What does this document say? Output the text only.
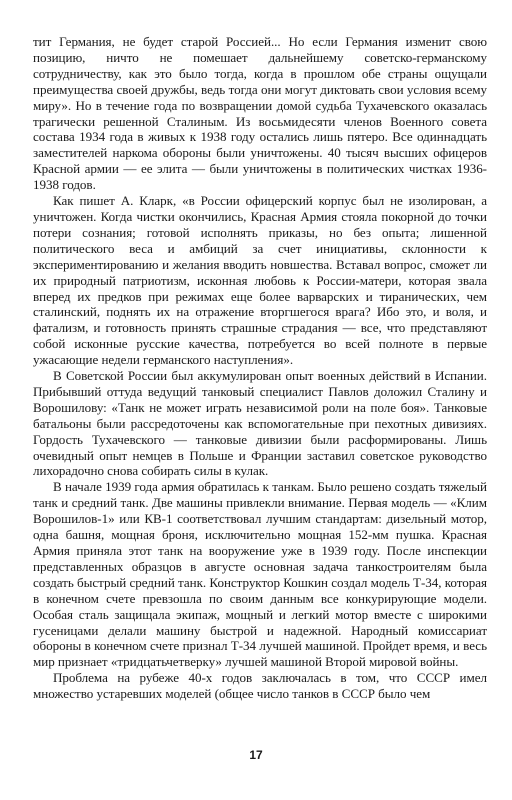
тит Германия, не будет старой Россией... Но если Германия изменит свою позицию, ничто не помешает дальнейшему советско-германскому сотрудничеству, как это было тогда, когда в прошлом обе страны ощущали преимущества своей дружбы, ведь тогда они могут диктовать свои условия всему миру». Но в течение года по возвращении домой судьба Тухачевского оказалась трагически решенной Сталиным. Из восьмидесяти членов Военного совета состава 1934 года в живых к 1938 году остались лишь пятеро. Все одиннадцать заместителей наркома обороны были уничтожены. 40 тысяч высших офицеров Красной армии — ее элита — были уничтожены в политических чистках 1936-1938 годов.

Как пишет А. Кларк, «в России офицерский корпус был не изолирован, а уничтожен. Когда чистки окончились, Красная Армия стояла покорной до точки потери сознания; готовой исполнять приказы, но без опыта; лишенной политического веса и амбиций за счет инициативы, склонности к экспериментированию и желания вводить новшества. Вставал вопрос, сможет ли их природный патриотизм, исконная любовь к России-матери, которая звала вперед их предков при режимах еще более варварских и тиранических, чем сталинский, поднять их на отражение вторгшегося врага? Ибо это, и воля, и фатализм, и готовность принять страшные страдания — все, что представляют собой исконные русские качества, потребуется во всей полноте в первые ужасающие недели германского наступления».

В Советской России был аккумулирован опыт военных действий в Испании. Прибывший оттуда ведущий танковый специалист Павлов доложил Сталину и Ворошилову: «Танк не может играть независимой роли на поле боя». Танковые батальоны были рассредоточены как вспомогательные при пехотных дивизиях. Гордость Тухачевского — танковые дивизии были расформированы. Лишь очевидный опыт немцев в Польше и Франции заставил советское руководство лихорадочно снова собирать силы в кулак.

В начале 1939 года армия обратилась к танкам. Было решено создать тяжелый танк и средний танк. Две машины привлекли внимание. Первая модель — «Клим Ворошилов-1» или КВ-1 соответствовал лучшим стандартам: дизельный мотор, одна башня, мощная броня, исключительно мощная 152-мм пушка. Красная Армия приняла этот танк на вооружение уже в 1939 году. После инспекции представленных образцов в августе основная задача танкостроителям была создать быстрый средний танк. Конструктор Кошкин создал модель Т-34, которая в конечном счете превзошла по своим данным все конкурирующие модели. Особая сталь защищала экипаж, мощный и легкий мотор вместе с широкими гусеницами делали машину быстрой и надежной. Народный комиссариат обороны в конечном счете признал Т-34 лучшей машиной. Пройдет время, и весь мир признает «тридцатьчетверку» лучшей машиной Второй мировой войны.

Проблема на рубеже 40-х годов заключалась в том, что СССР имел множество устаревших моделей (общее число танков в СССР было чем

17
